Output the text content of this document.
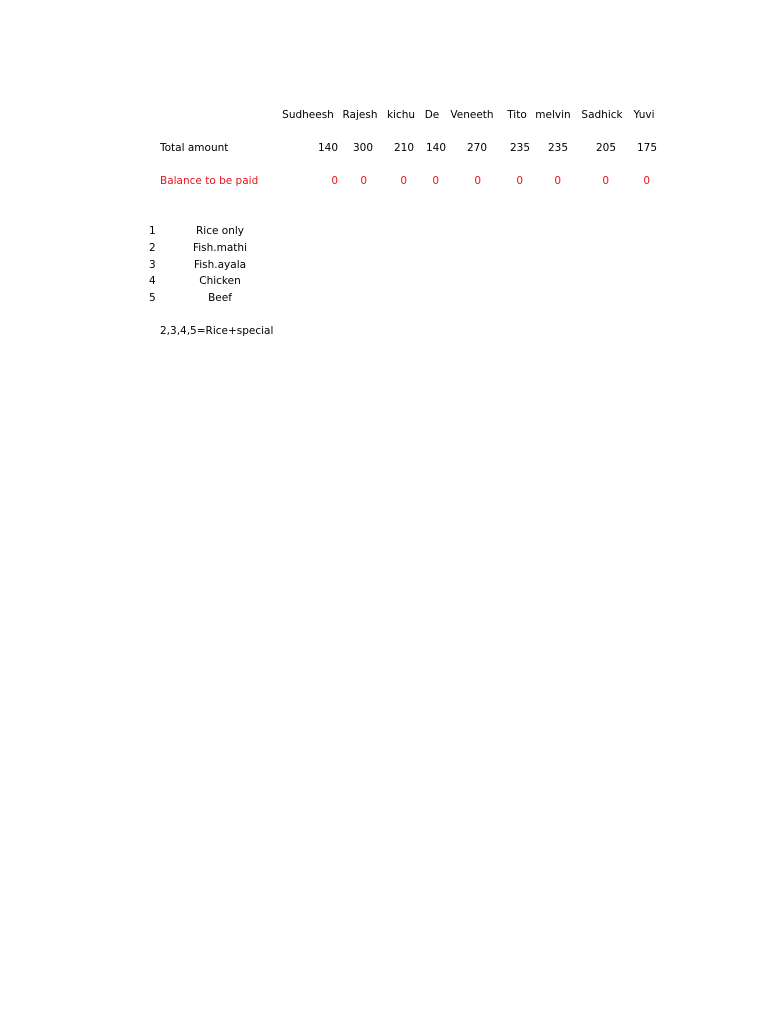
Sudheesh Rajesh kichu De Veneeth Tito melvin Sadhick Yuvi
Total amount	140 300 210 140 270 235 235	205 175
Balance to be paid	0 0	0 0	0	0	0	0	0
1	Rice only
2	Fish.mathi
3	Fish.ayala
4	Chicken
5	Beef
2,3,4,5=Rice+special
